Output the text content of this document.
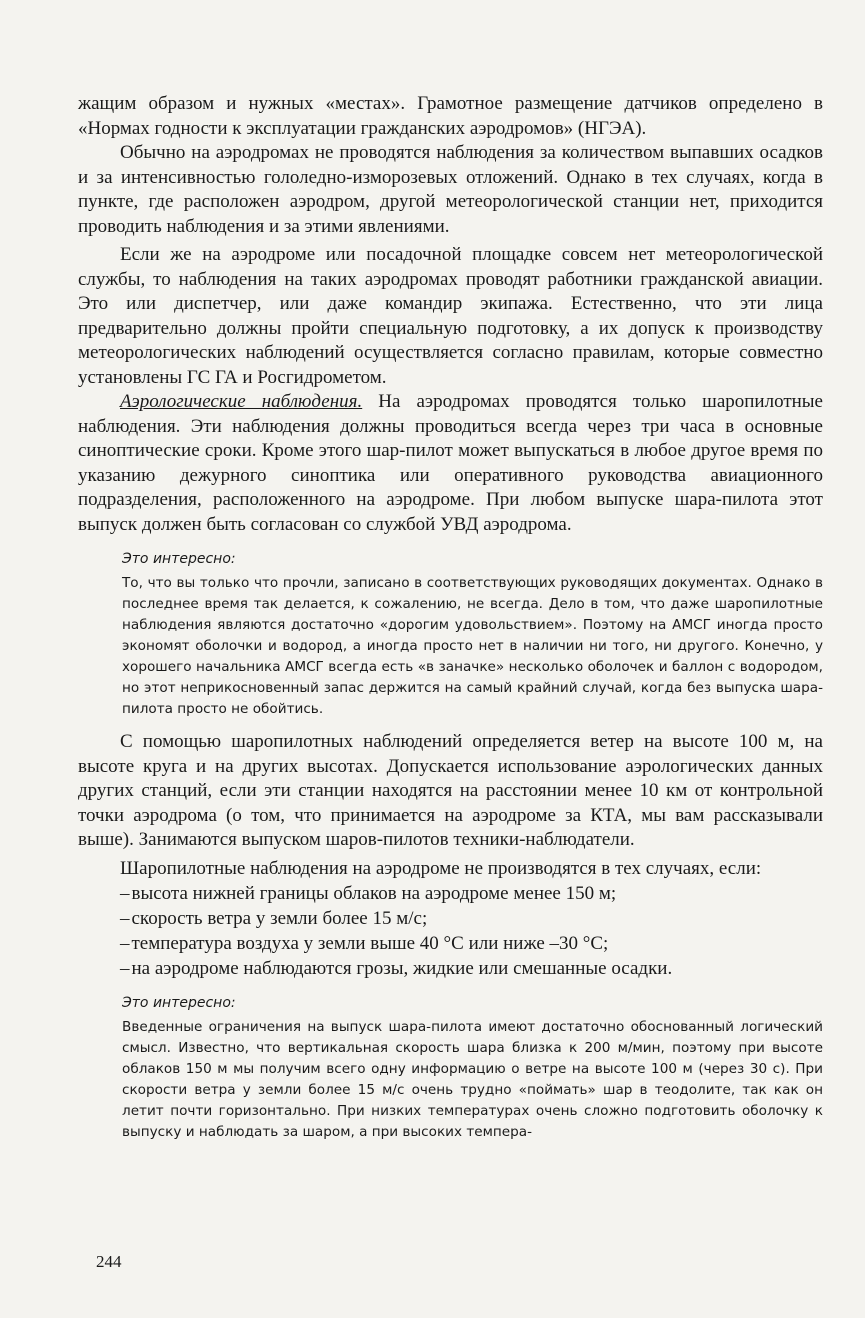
жащим образом и нужных «местах». Грамотное размещение датчиков определено в «Нормах годности к эксплуатации гражданских аэродромов» (НГЭА).

Обычно на аэродромах не проводятся наблюдения за количеством выпавших осадков и за интенсивностью гололедно-изморозевых отложений. Однако в тех случаях, когда в пункте, где расположен аэродром, другой метеорологической станции нет, приходится проводить наблюдения и за этими явлениями.

Если же на аэродроме или посадочной площадке совсем нет метеорологической службы, то наблюдения на таких аэродромах проводят работники гражданской авиации. Это или диспетчер, или даже командир экипажа. Естественно, что эти лица предварительно должны пройти специальную подготовку, а их допуск к производству метеорологических наблюдений осуществляется согласно правилам, которые совместно установлены ГС ГА и Росгидрометом.

Аэрологические наблюдения. На аэродромах проводятся только шаропилотные наблюдения. Эти наблюдения должны проводиться всегда через три часа в основные синоптические сроки. Кроме этого шар-пилот может выпускаться в любое другое время по указанию дежурного синоптика или оперативного руководства авиационного подразделения, расположенного на аэродроме. При любом выпуске шара-пилота этот выпуск должен быть согласован со службой УВД аэродрома.

Это интересно:

То, что вы только что прочли, записано в соответствующих руководящих документах. Однако в последнее время так делается, к сожалению, не всегда. Дело в том, что даже шаропилотные наблюдения являются достаточно «дорогим удовольствием». Поэтому на АМСГ иногда просто экономят оболочки и водород, а иногда просто нет в наличии ни того, ни другого. Конечно, у хорошего начальника АМСГ всегда есть «в заначке» несколько оболочек и баллон с водородом, но этот неприкосновенный запас держится на самый крайний случай, когда без выпуска шара-пилота просто не обойтись.

С помощью шаропилотных наблюдений определяется ветер на высоте 100 м, на высоте круга и на других высотах. Допускается использование аэрологических данных других станций, если эти станции находятся на расстоянии менее 10 км от контрольной точки аэродрома (о том, что принимается на аэродроме за КТА, мы вам рассказывали выше). Занимаются выпуском шаров-пилотов техники-наблюдатели.

Шаропилотные наблюдения на аэродроме не производятся в тех случаях, если:

– высота нижней границы облаков на аэродроме менее 150 м;
– скорость ветра у земли более 15 м/с;
– температура воздуха у земли выше 40 °С или ниже –30 °С;
– на аэродроме наблюдаются грозы, жидкие или смешанные осадки.
Это интересно:

Введенные ограничения на выпуск шара-пилота имеют достаточно обоснованный логический смысл. Известно, что вертикальная скорость шара близка к 200 м/мин, поэтому при высоте облаков 150 м мы получим всего одну информацию о ветре на высоте 100 м (через 30 с). При скорости ветра у земли более 15 м/с очень трудно «поймать» шар в теодолите, так как он летит почти горизонтально. При низких температурах очень сложно подготовить оболочку к выпуску и наблюдать за шаром, а при высоких темпера-

244
